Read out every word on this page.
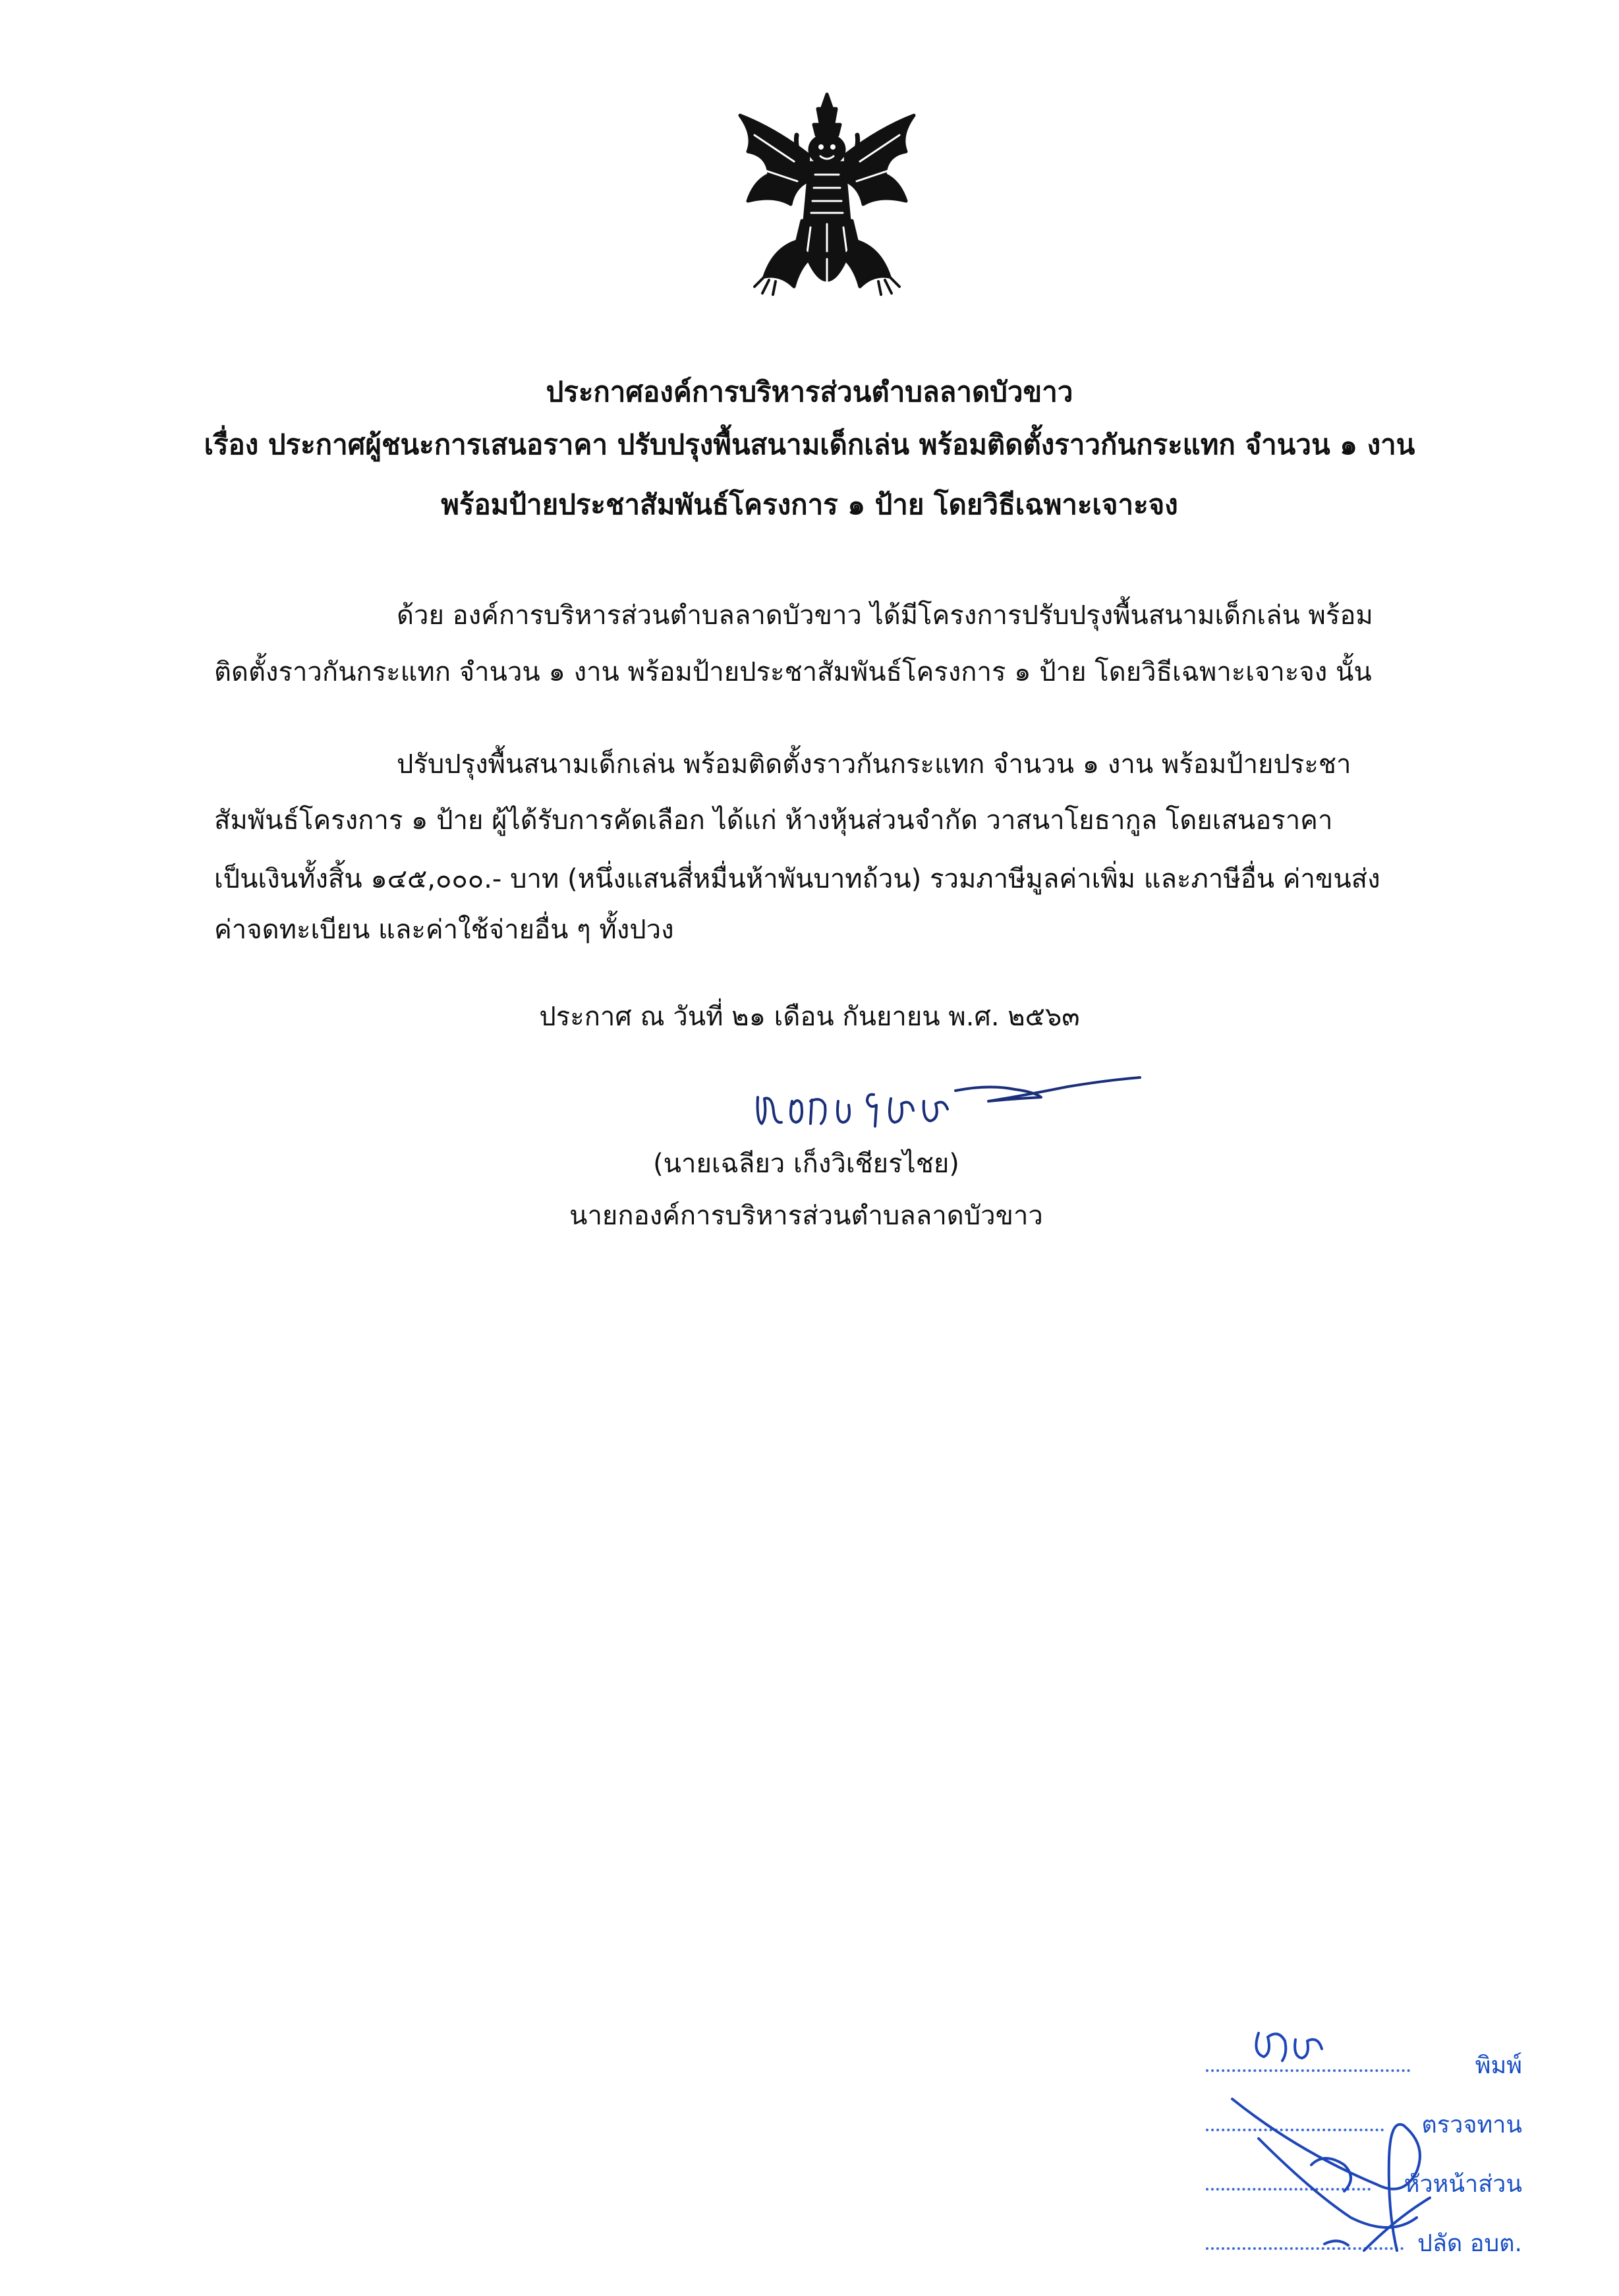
ประกาศองค์การบริหารส่วนตำบลลาดบัวขาว
เรื่อง ประกาศผู้ชนะการเสนอราคา ปรับปรุงพื้นสนามเด็กเล่น พร้อมติดตั้งราวกันกระแทก จำนวน ๑ งาน
พร้อมป้ายประชาสัมพันธ์โครงการ ๑ ป้าย โดยวิธีเฉพาะเจาะจง
ด้วย องค์การบริหารส่วนตำบลลาดบัวขาว ได้มีโครงการปรับปรุงพื้นสนามเด็กเล่น พร้อม
ติดตั้งราวกันกระแทก จำนวน ๑ งาน พร้อมป้ายประชาสัมพันธ์โครงการ ๑ ป้าย โดยวิธีเฉพาะเจาะจง นั้น
ปรับปรุงพื้นสนามเด็กเล่น พร้อมติดตั้งราวกันกระแทก จำนวน ๑ งาน พร้อมป้ายประชา
สัมพันธ์โครงการ ๑ ป้าย ผู้ได้รับการคัดเลือก ได้แก่ ห้างหุ้นส่วนจำกัด วาสนาโยธากูล โดยเสนอราคา
เป็นเงินทั้งสิ้น ๑๔๕,๐๐๐.- บาท (หนึ่งแสนสี่หมื่นห้าพันบาทถ้วน) รวมภาษีมูลค่าเพิ่ม และภาษีอื่น ค่าขนส่ง
ค่าจดทะเบียน และค่าใช้จ่ายอื่น ๆ ทั้งปวง
ประกาศ ณ วันที่ ๒๑ เดือน กันยายน พ.ศ. ๒๕๖๓
(นายเฉลียว เก็งวิเชียรไชย)
นายกองค์การบริหารส่วนตำบลลาดบัวขาว
พิมพ์
ตรวจทาน
หัวหน้าส่วน
ปลัด อบต.
